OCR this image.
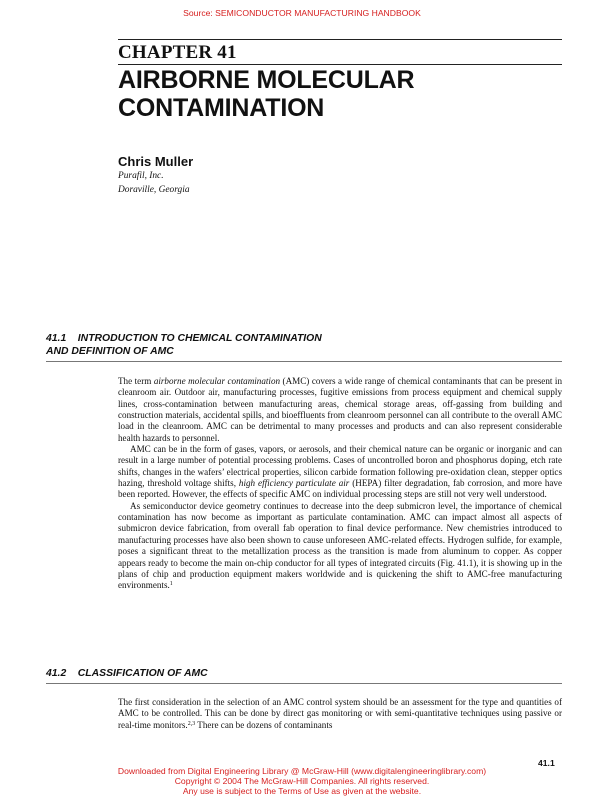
Source: SEMICONDUCTOR MANUFACTURING HANDBOOK
CHAPTER 41
AIRBORNE MOLECULAR CONTAMINATION
Chris Muller
Purafil, Inc.
Doraville, Georgia
41.1 INTRODUCTION TO CHEMICAL CONTAMINATION
AND DEFINITION OF AMC

The term airborne molecular contamination (AMC) covers a wide range of chemical contaminants that can be present in cleanroom air. Outdoor air, manufacturing processes, fugitive emissions from process equipment and chemical supply lines, cross-contamination between manufacturing areas, chemical storage areas, off-gassing from building and construction materials, accidental spills, and bioeffluents from cleanroom personnel can all contribute to the overall AMC load in the cleanroom. AMC can be detrimental to many processes and products and can also represent considerable health hazards to personnel.

AMC can be in the form of gases, vapors, or aerosols, and their chemical nature can be organic or inorganic and can result in a large number of potential processing problems. Cases of uncontrolled boron and phosphorus doping, etch rate shifts, changes in the wafers’ electrical properties, silicon carbide formation following pre-oxidation clean, stepper optics hazing, threshold voltage shifts, high efficiency particulate air (HEPA) filter degradation, fab corrosion, and more have been reported. However, the effects of specific AMC on individual processing steps are still not very well understood.

As semiconductor device geometry continues to decrease into the deep submicron level, the importance of chemical contamination has now become as important as particulate contamination. AMC can impact almost all aspects of submicron device fabrication, from overall fab operation to final device performance. New chemistries introduced to manufacturing processes have also been shown to cause unforeseen AMC-related effects. Hydrogen sulfide, for example, poses a significant threat to the metallization process as the transition is made from aluminum to copper. As copper appears ready to become the main on-chip conductor for all types of integrated circuits (Fig. 41.1), it is showing up in the plans of chip and production equipment makers worldwide and is quickening the shift to AMC-free manufacturing environments.$^1$

41.2 CLASSIFICATION OF AMC

The first consideration in the selection of an AMC control system should be an assessment for the type and quantities of AMC to be controlled. This can be done by direct gas monitoring or with semi-quantitative techniques using passive or real-time monitors.$^{2,3}$ There can be dozens of contaminants

41.1
Downloaded from Digital Engineering Library @ McGraw-Hill (www.digitalengineeringlibrary.com)
Copyright © 2004 The McGraw-Hill Companies. All rights reserved.
Any use is subject to the Terms of Use as given at the website.
